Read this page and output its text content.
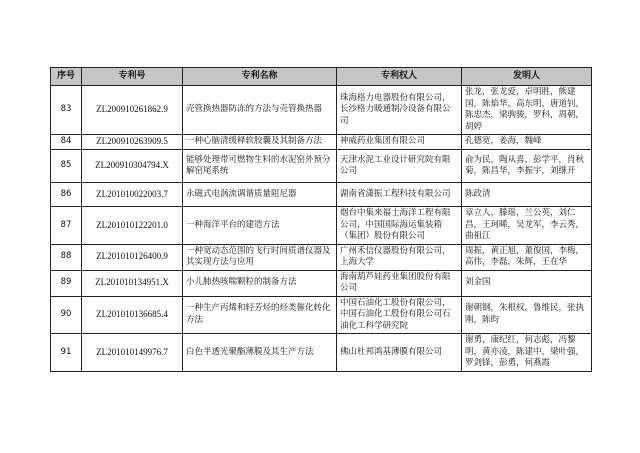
序号	专利号	专利名称	专利权人	发明人
83	ZL200910261862.9	壳管换热器防冻的方法与壳管换热器	珠海格力电器股份有限公司，长沙格力暖通制冷设备有限公司	张龙，张龙爱，卓明胜，熊建国，陈焰华，高东明，唐道钊，陈忠杰，梁驹骏，罗科，周朝，胡婷
84	ZL200910263909.5	一种心脑清缓释软胶囊及其制备方法	神威药业集团有限公司	孔德宽，姜海，魏峰
85	ZL200910304794.X	能够处理带可燃物生料的水泥窑外预分解窑尾系统	天津水泥工业设计研究院有限公司	俞为民，陶从喜，彭学平，肖秋菊，陈昌华，李振宇，刘继开
86	ZL201010022003.7	永磁式电涡流调谐质量阻尼器	湖南省潇振工程科技有限公司	陈政清
87	ZL201010122201.0	一种海洋平台的建造方法	烟台中集来福士海洋工程有限公司，中国国际海运集装箱（集团）股份有限公司	章立人，滕瑶，兰公英，刘仁昌，王珂晞，吴龙军，李云秀，曲祖江
88	ZL201010126400.9	一种宽动态范围的飞行时间质谱仪器及其实现方法与应用	广州禾信仪器股份有限公司，上海大学	周振，黄正旭，董俊国，李梅，高伟，李磊，朱辉，王在华
89	ZL201010134951.X	小儿肺热咳喘颗粒的制备方法	海南葫芦娃药业集团股份有限公司	刘金国
90	ZL201010136685.4	一种生产丙烯和轻芳烃的烃类催化转化方法	中国石油化工股份有限公司，中国石油化工股份有限公司石油化工科学研究院	谢朝钢，朱根权，鲁维民，张执刚，陈昀
91	ZL201010149976.7	白色半透光聚酯薄膜及其生产方法	佛山杜邦鸿基薄膜有限公司	谢勇，康纪红，何志彪，冯黎明，黄亦凌，陈建中，梁叶强，罗剑锋，彭勇，何燕霞
